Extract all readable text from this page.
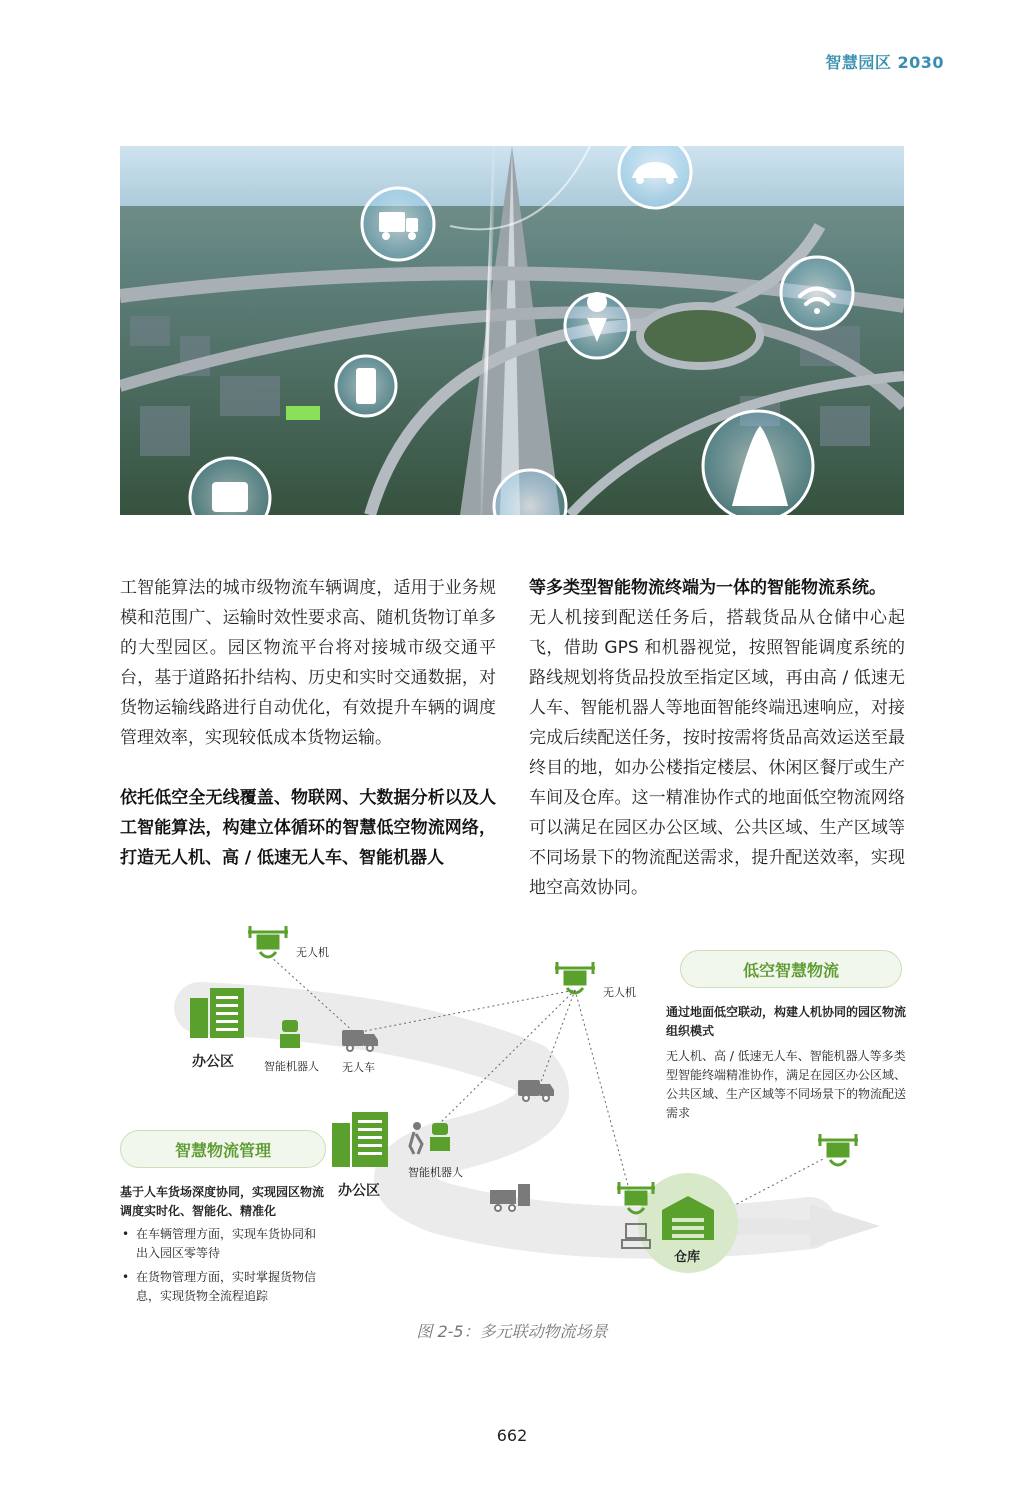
智慧园区 2030

工智能算法的城市级物流车辆调度，适用于业务规模和范围广、运输时效性要求高、随机货物订单多的大型园区。园区物流平台将对接城市级交通平台，基于道路拓扑结构、历史和实时交通数据，对货物运输线路进行自动优化，有效提升车辆的调度管理效率，实现较低成本货物运输。

依托低空全无线覆盖、物联网、大数据分析以及人工智能算法，构建立体循环的智慧低空物流网络，打造无人机、高 / 低速无人车、智能机器人

等多类型智能物流终端为一体的智能物流系统。

无人机接到配送任务后，搭载货品从仓储中心起飞，借助 GPS 和机器视觉，按照智能调度系统的路线规划将货品投放至指定区域，再由高 / 低速无人车、智能机器人等地面智能终端迅速响应，对接完成后续配送任务，按时按需将货品高效运送至最终目的地，如办公楼指定楼层、休闲区餐厅或生产车间及仓库。这一精准协作式的地面低空物流网络可以满足在园区办公区域、公共区域、生产区域等不同场景下的物流配送需求，提升配送效率，实现地空高效协同。

无人机
无人机
办公区	智能机器人 无人车
办公区
智能机器人
仓库
低空智慧物流

通过地面低空联动，构建人机协同的园区物流组织模式

无人机、高 / 低速无人车、智能机器人等多类型智能终端精准协作，满足在园区办公区域、公共区域、生产区域等不同场景下的物流配送需求

智慧物流管理

基于人车货场深度协同，实现园区物流调度实时化、智能化、精准化

• 在车辆管理方面，实现车货协同和出入园区零等待
• 在货物管理方面，实时掌握货物信息，实现货物全流程追踪
图 2-5：多元联动物流场景
662
